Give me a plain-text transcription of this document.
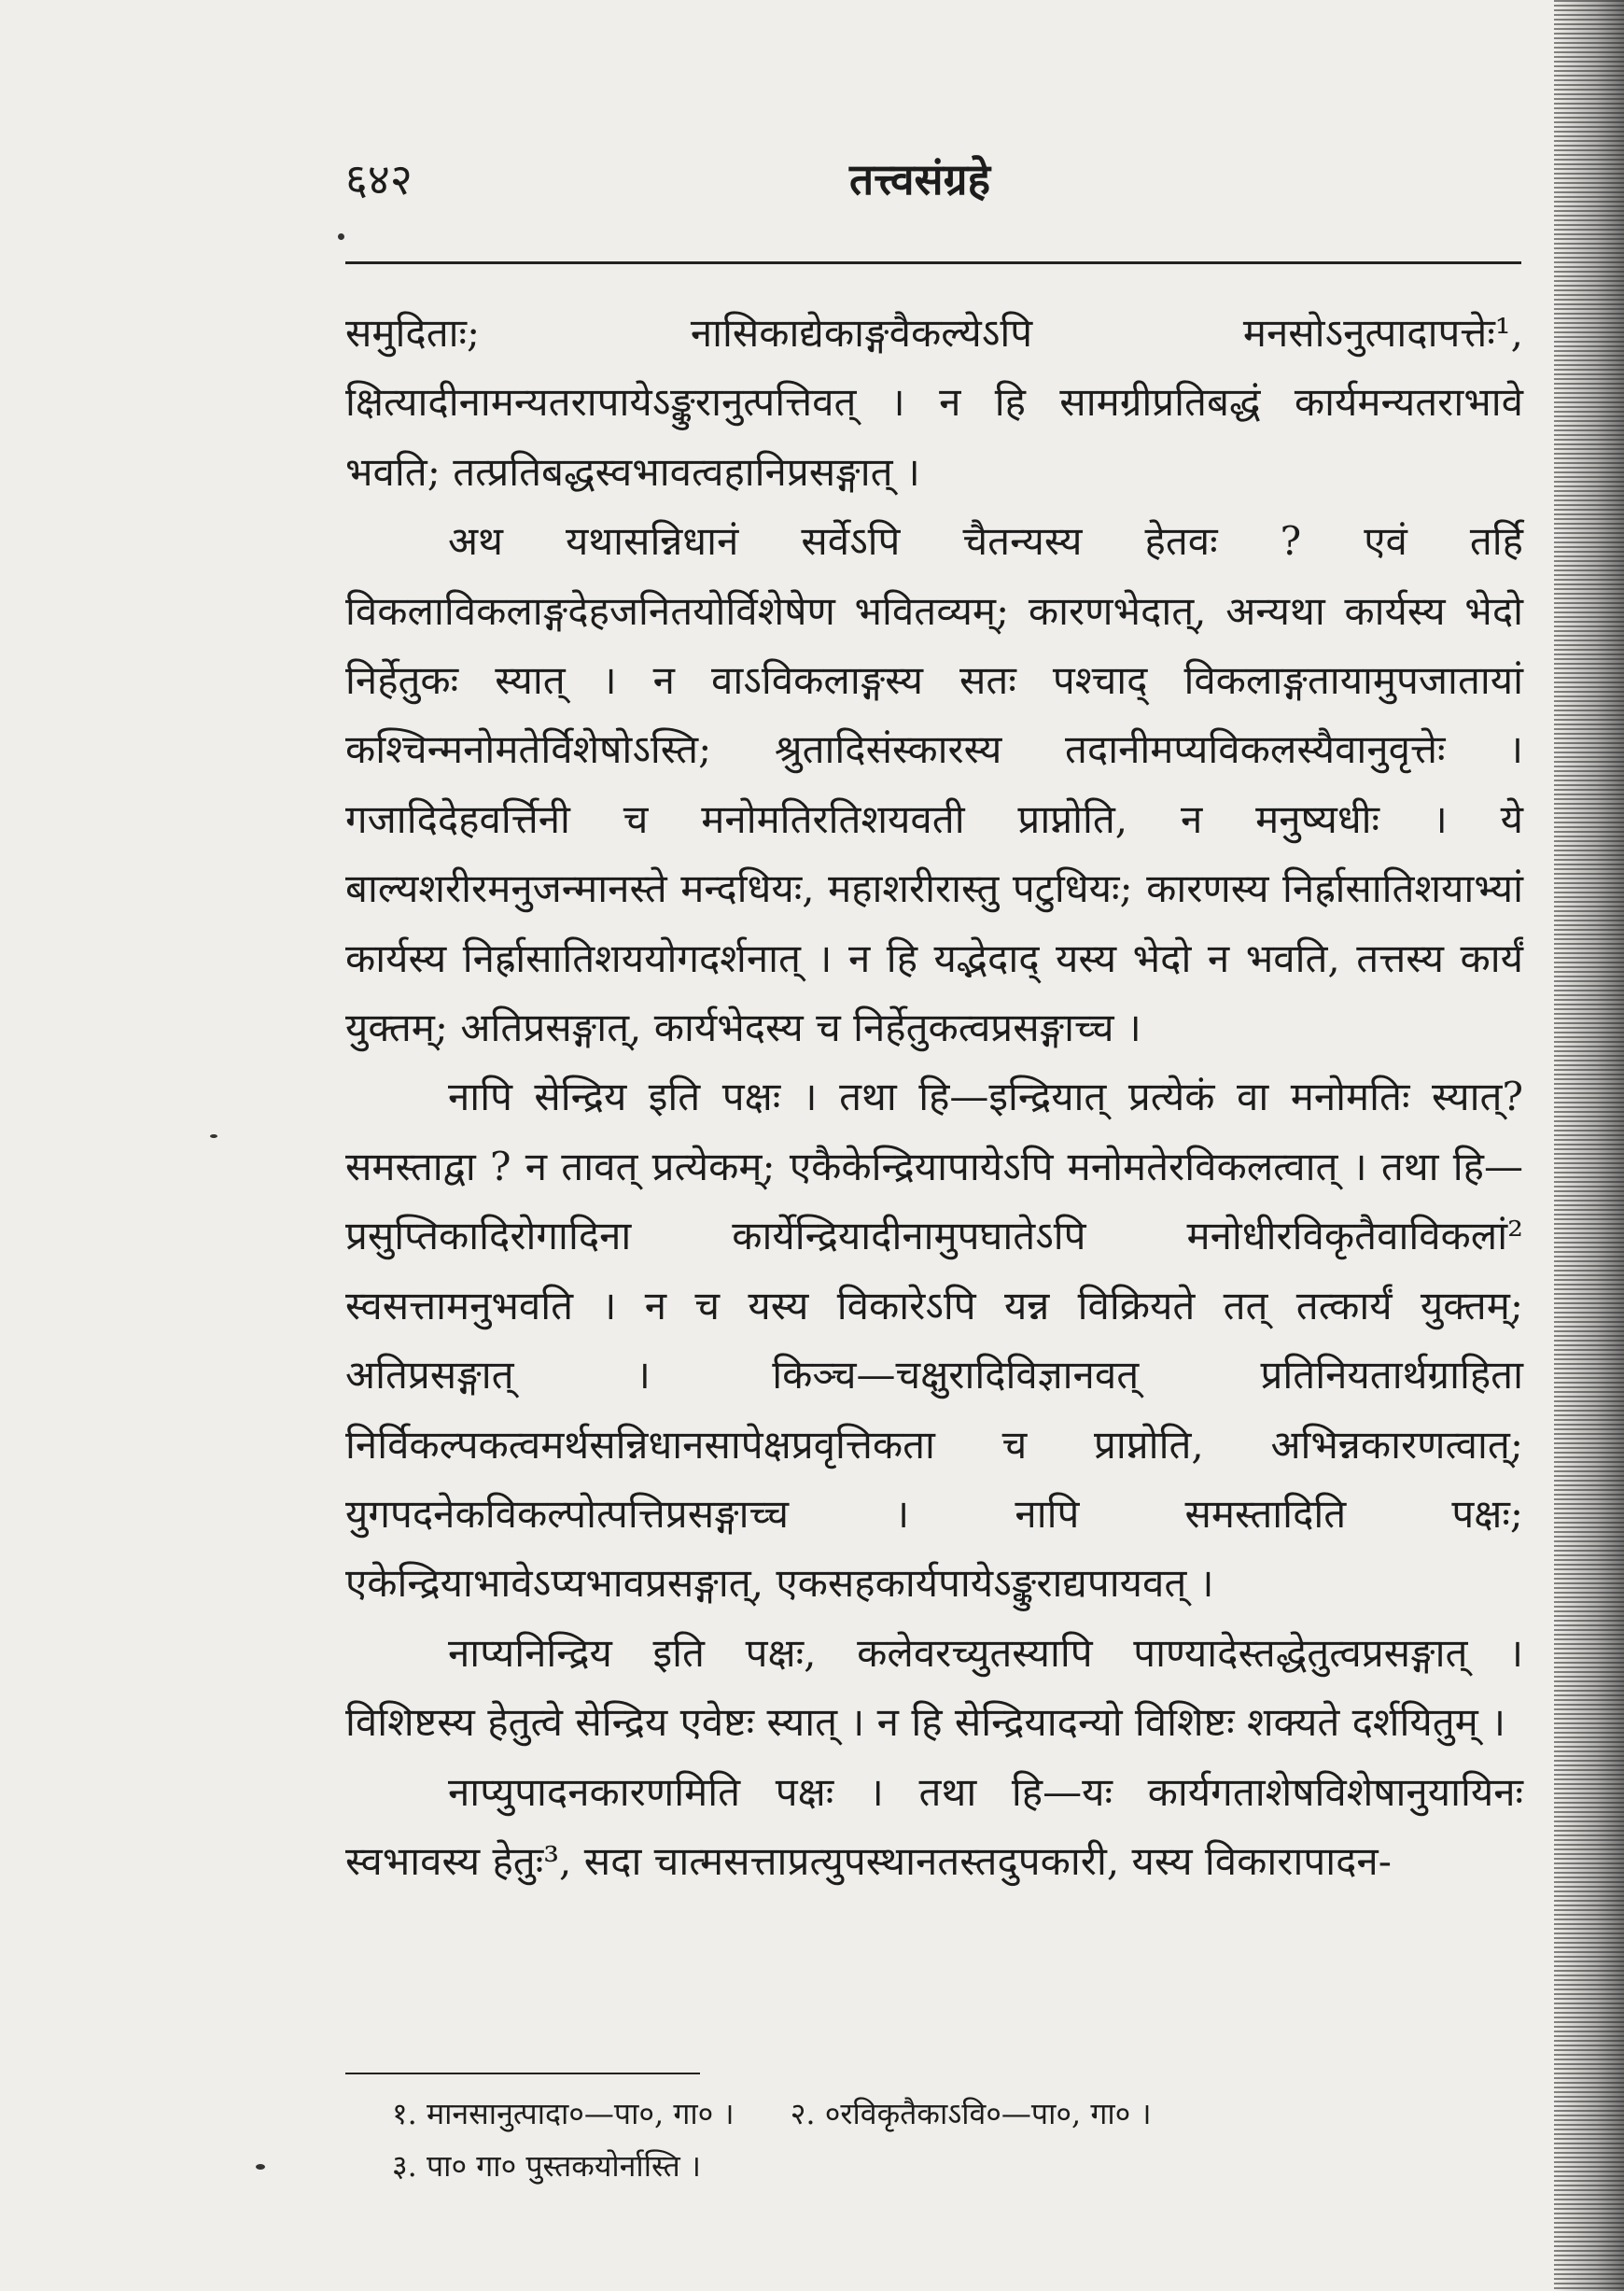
६४२	तत्त्वसंग्रहे

समुदिताः; नासिकाद्येकाङ्गवैकल्येऽपि मनसोऽनुत्पादापत्तेः¹, क्षित्यादीनामन्यतरापायेऽङ्कुरानुत्पत्तिवत् । न हि सामग्रीप्रतिबद्धं कार्यमन्यतराभावे भवति; तत्प्रतिबद्धस्वभावत्वहानिप्रसङ्गात् ।

अथ यथासन्निधानं सर्वेऽपि चैतन्यस्य हेतवः ? एवं तर्हि विकलाविकलाङ्गदेहजनितयोर्विशेषेण भवितव्यम्; कारणभेदात्, अन्यथा कार्यस्य भेदो निर्हेतुकः स्यात् । न वाऽविकलाङ्गस्य सतः पश्चाद् विकलाङ्गतायामुपजातायां कश्चिन्मनोमतेर्विशेषोऽस्ति; श्रुतादिसंस्कारस्य तदानीमप्यविकलस्यैवानुवृत्तेः । गजादिदेहवर्त्तिनी च मनोमतिरतिशयवती प्राप्नोति, न मनुष्यधीः । ये बाल्यशरीरमनुजन्मानस्ते मन्दधियः, महाशरीरास्तु पटुधियः; कारणस्य निर्ह्रासातिशयाभ्यां कार्यस्य निर्ह्रासातिशययोगदर्शनात् । न हि यद्भेदाद् यस्य भेदो न भवति, तत्तस्य कार्यं युक्तम्; अतिप्रसङ्गात्, कार्यभेदस्य च निर्हेतुकत्वप्रसङ्गाच्च ।

नापि सेन्द्रिय इति पक्षः । तथा हि—इन्द्रियात् प्रत्येकं वा मनोमतिः स्यात्? समस्ताद्वा ? न तावत् प्रत्येकम्; एकैकेन्द्रियापायेऽपि मनोमतेरविकलत्वात् । तथा हि—प्रसुप्तिकादिरोगादिना कार्येन्द्रियादीनामुपघातेऽपि मनोधीरविकृतैवाविकलां² स्वसत्तामनुभवति । न च यस्य विकारेऽपि यन्न विक्रियते तत् तत्कार्यं युक्तम्; अतिप्रसङ्गात् । किञ्च—चक्षुरादिविज्ञानवत् प्रतिनियतार्थग्राहिता निर्विकल्पकत्वमर्थसन्निधानसापेक्षप्रवृत्तिकता च प्राप्नोति, अभिन्नकारणत्वात्; युगपदनेकविकल्पोत्पत्तिप्रसङ्गाच्च । नापि समस्तादिति पक्षः; एकेन्द्रियाभावेऽप्यभावप्रसङ्गात्, एकसहकार्यपायेऽङ्कुराद्यपायवत् ।

नाप्यनिन्द्रिय इति पक्षः, कलेवरच्युतस्यापि पाण्यादेस्तद्धेतुत्वप्रसङ्गात् । विशिष्टस्य हेतुत्वे सेन्द्रिय एवेष्टः स्यात् । न हि सेन्द्रियादन्यो विशिष्टः शक्यते दर्शयितुम् ।

नाप्युपादनकारणमिति पक्षः । तथा हि—यः कार्यगताशेषविशेषानुयायिनः स्वभावस्य हेतुः³, सदा चात्मसत्ताप्रत्युपस्थानतस्तदुपकारी, यस्य विकारापादन-

१. मानसानुत्पादा०—पा०, गा० । २. ०रविकृतैकाऽवि०—पा०, गा० ।
३. पा० गा० पुस्तकयोर्नास्ति ।
